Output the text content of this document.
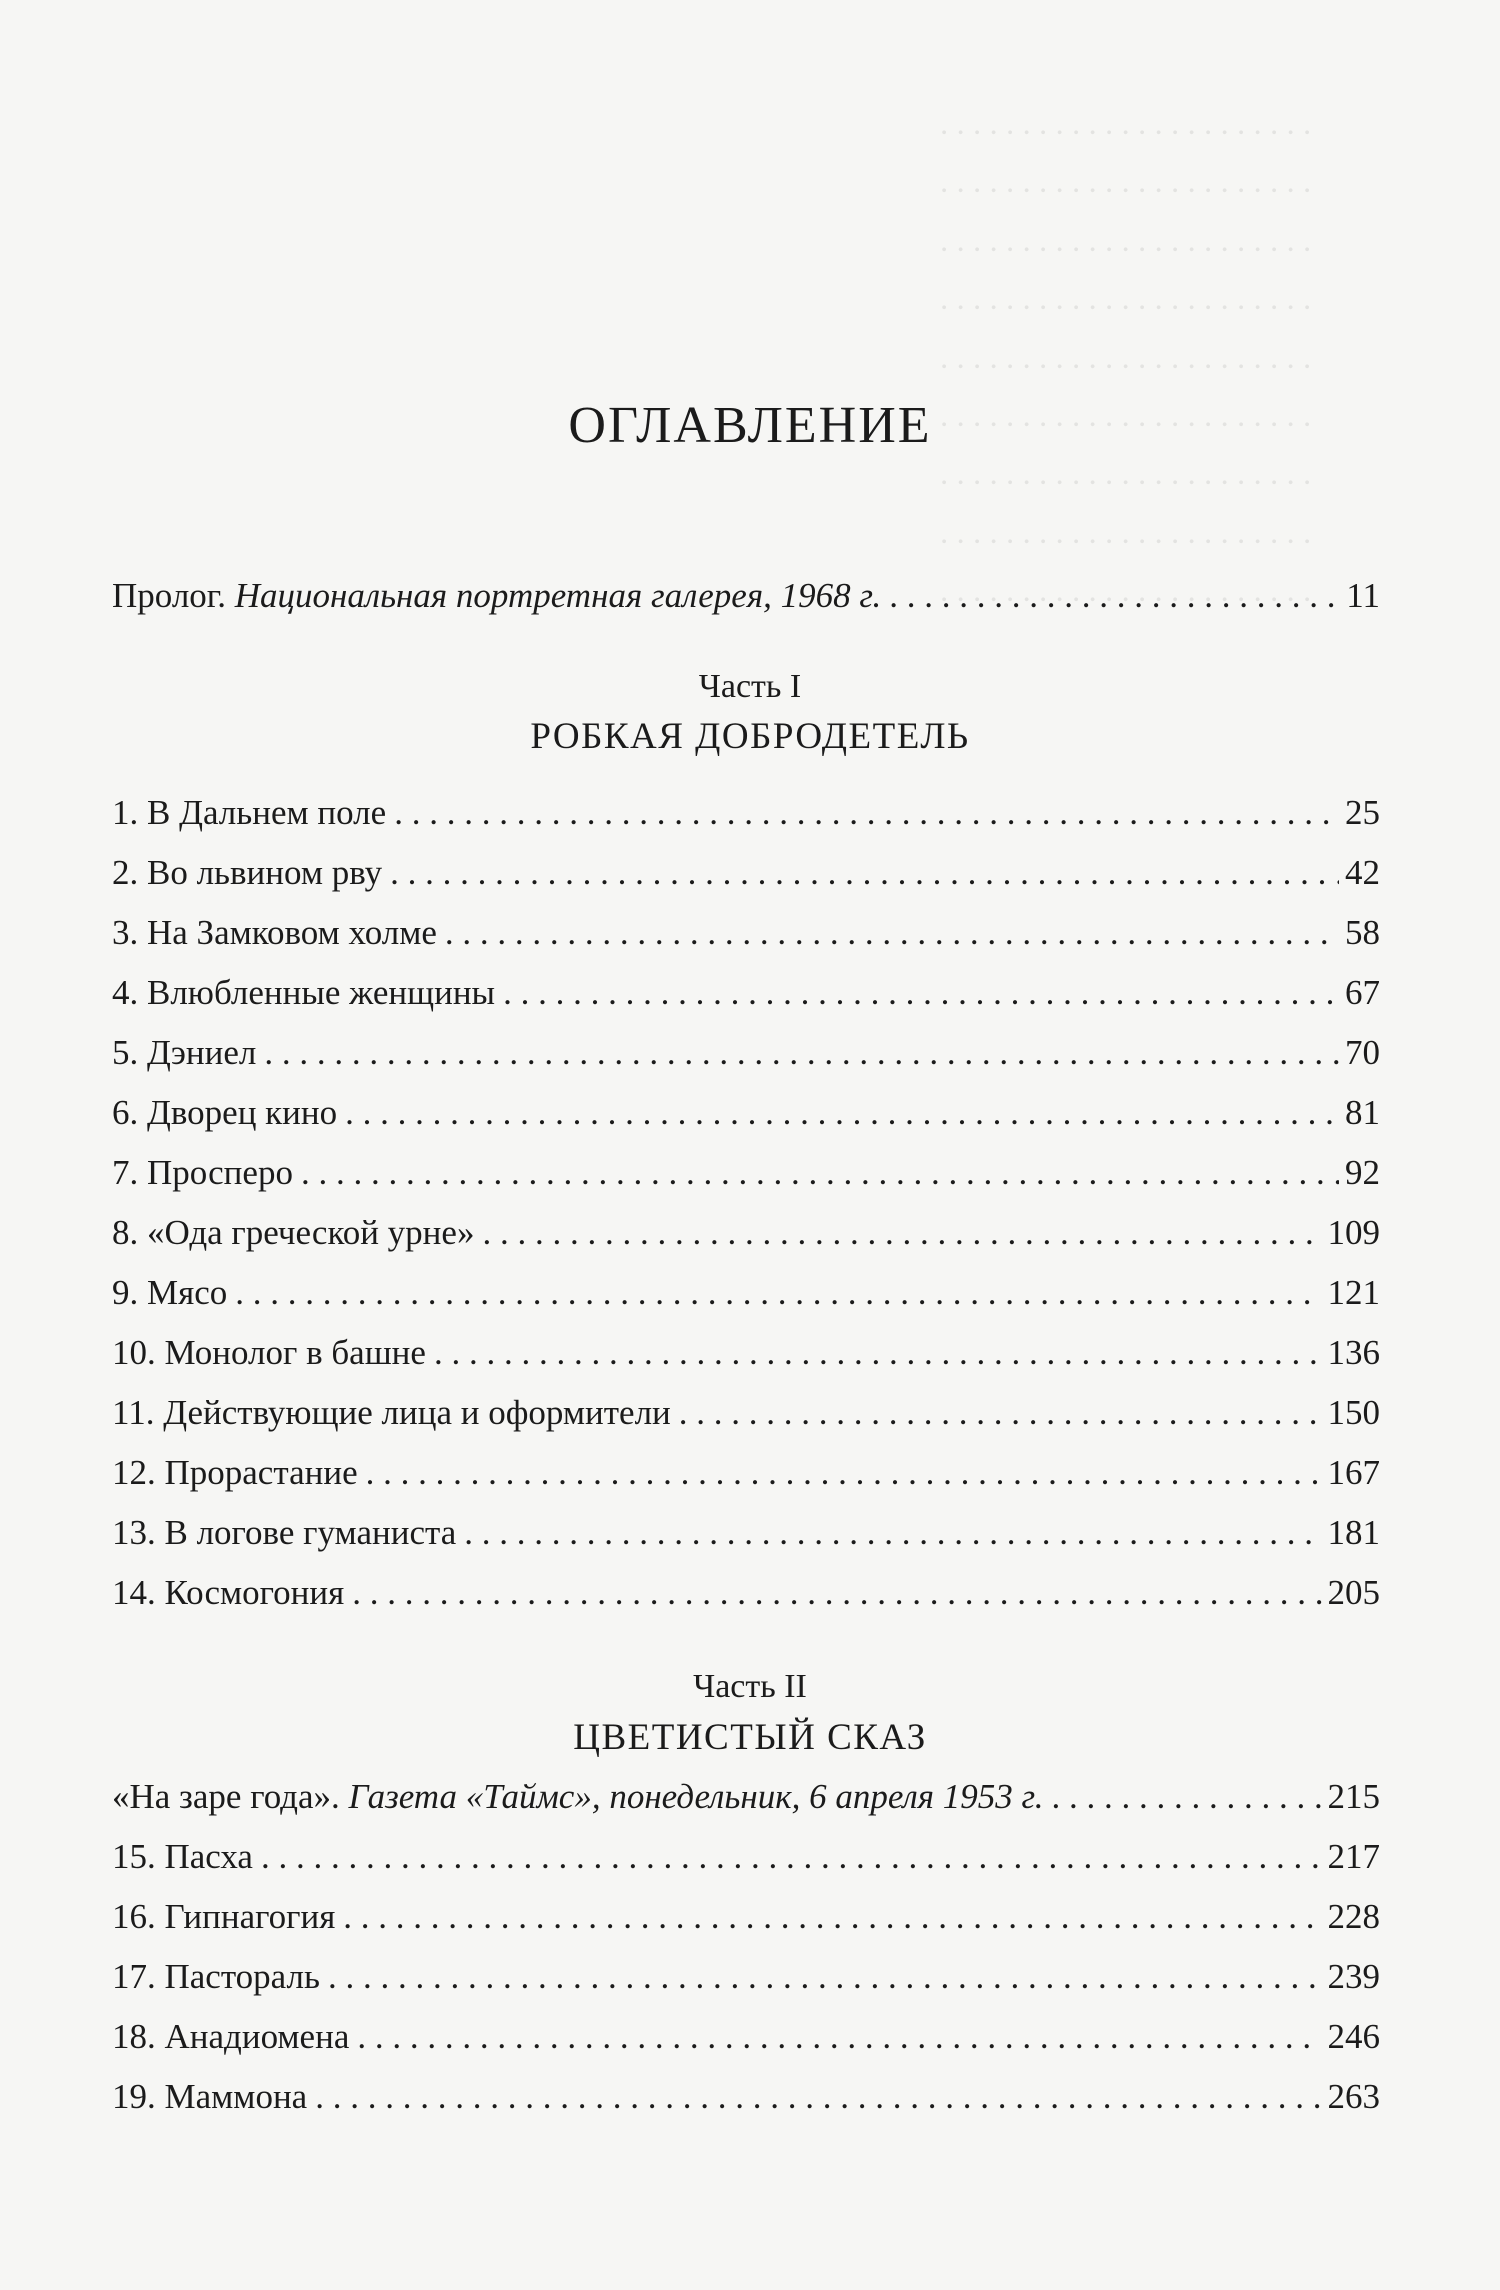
. . . . . . . . . . . . . . . . . . . . . . .
. . . . . . . . . . . . . . . . . . . . . . .
. . . . . . . . . . . . . . . . . . . . . . .
. . . . . . . . . . . . . . . . . . . . . . .
. . . . . . . . . . . . . . . . . . . . . . .
. . . . . . . . . . . . . . . . . . . . . . .
. . . . . . . . . . . . . . . . . . . . . . .
. . . . . . . . . . . . . . . . . . . . . . .
. . . . . . . . . . . . . . . . . . . . . . .
ОГЛАВЛЕНИЕ
Пролог. Национальная портретная галерея, 1968 г. . . .	11
Часть I
РОБКАЯ ДОБРОДЕТЕЛЬ
1. В Дальнем поле . . .	25
2. Во львином рву . . .	42
3. На Замковом холме . . .	58
4. Влюбленные женщины . . .	67
5. Дэниел . . .	70
6. Дворец кино . . .	81
7. Просперо . . .	92
8. «Ода греческой урне» . . .	109
9. Мясо . . .	121
10. Монолог в башне . . .	136
11. Действующие лица и оформители . . .	150
12. Прорастание . . .	167
13. В логове гуманиста . . .	181
14. Космогония . . .	205
Часть II
ЦВЕТИСТЫЙ СКАЗ
«На заре года». Газета «Таймс», понедельник, 6 апреля 1953 г. . . .	215
15. Пасха . . .	217
16. Гипнагогия . . .	228
17. Пастораль . . .	239
18. Анадиомена . . .	246
19. Маммона . . .	263
